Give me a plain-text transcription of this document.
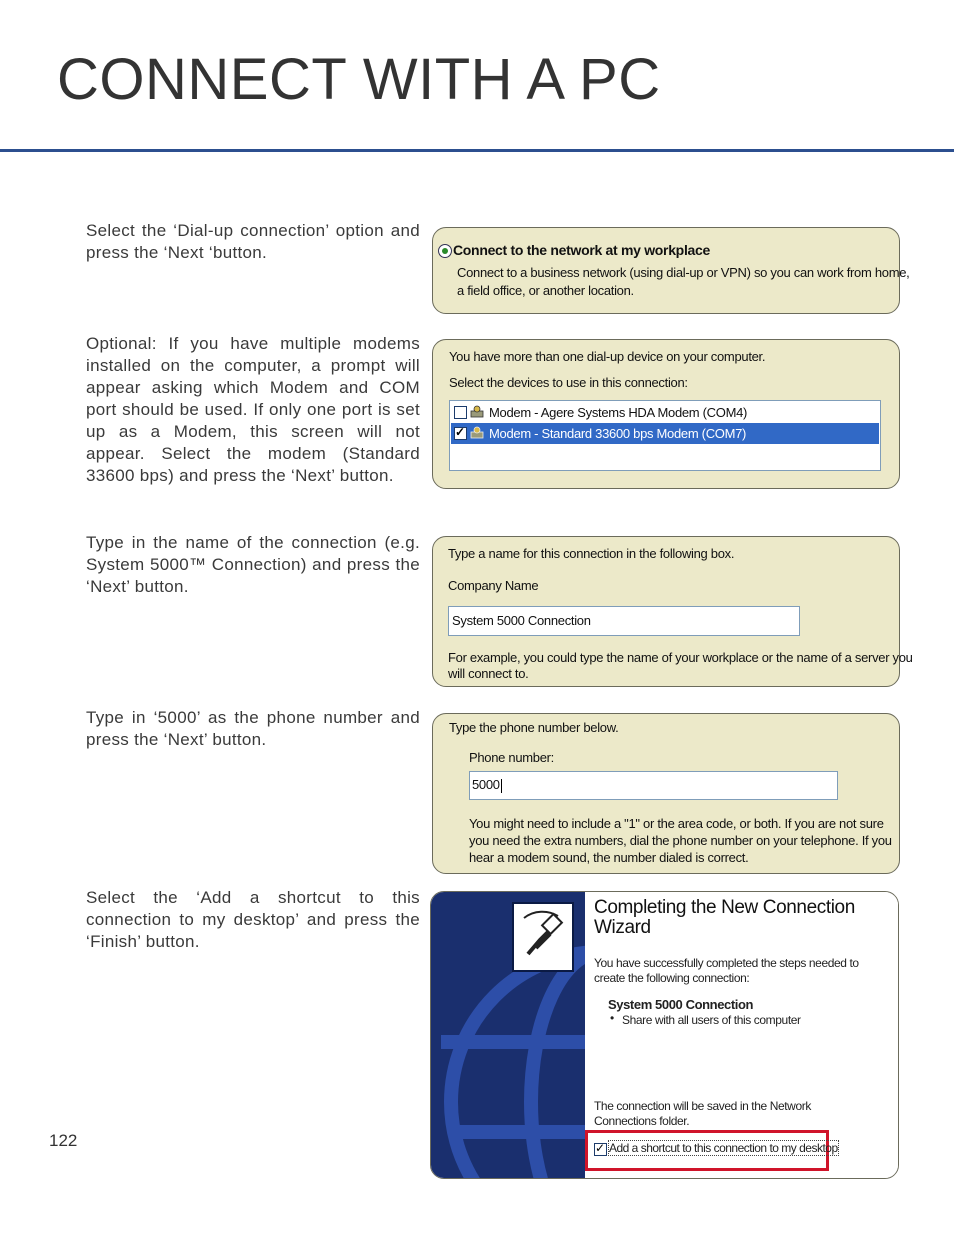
CONNECT WITH A PC
Select the ‘Dial-up connection’ option and press the ‘Next ‘button.
Optional: If you have multiple modems installed on the computer, a prompt will appear asking which Modem and COM port should be used. If only one port is set up as a Modem, this screen will not appear. Select the modem (Standard 33600 bps) and press the ‘Next’ button.
Type in the name of the connection (e.g. System 5000™ Connection) and press the ‘Next’ button.
Type in ‘5000’ as the phone number and press the ‘Next’ button.
Select the ‘Add a shortcut to this connection to my desktop’ and press the ‘Finish’ button.
Connect to the network at my workplace
Connect to a business network (using dial-up or VPN) so you can work from home,
a field office, or another location.
You have more than one dial-up device on your computer.
Select the devices to use in this connection:
Modem - Agere Systems HDA Modem (COM4)
✓
Modem - Standard 33600 bps Modem (COM7)
Type a name for this connection in the following box.
Company Name
System 5000 Connection
For example, you could type the name of your workplace or the name of a server you
will connect to.
Type the phone number below.
Phone number:
5000
You might need to include a "1" or the area code, or both. If you are not sure
you need the extra numbers, dial the phone number on your telephone. If you
hear a modem sound, the number dialed is correct.
Completing the New Connection
Wizard
You have successfully completed the steps needed to
create the following connection:
System 5000 Connection
• Share with all users of this computer
The connection will be saved in the Network
Connections folder.
✓
Add a shortcut to this connection to my desktop
122
